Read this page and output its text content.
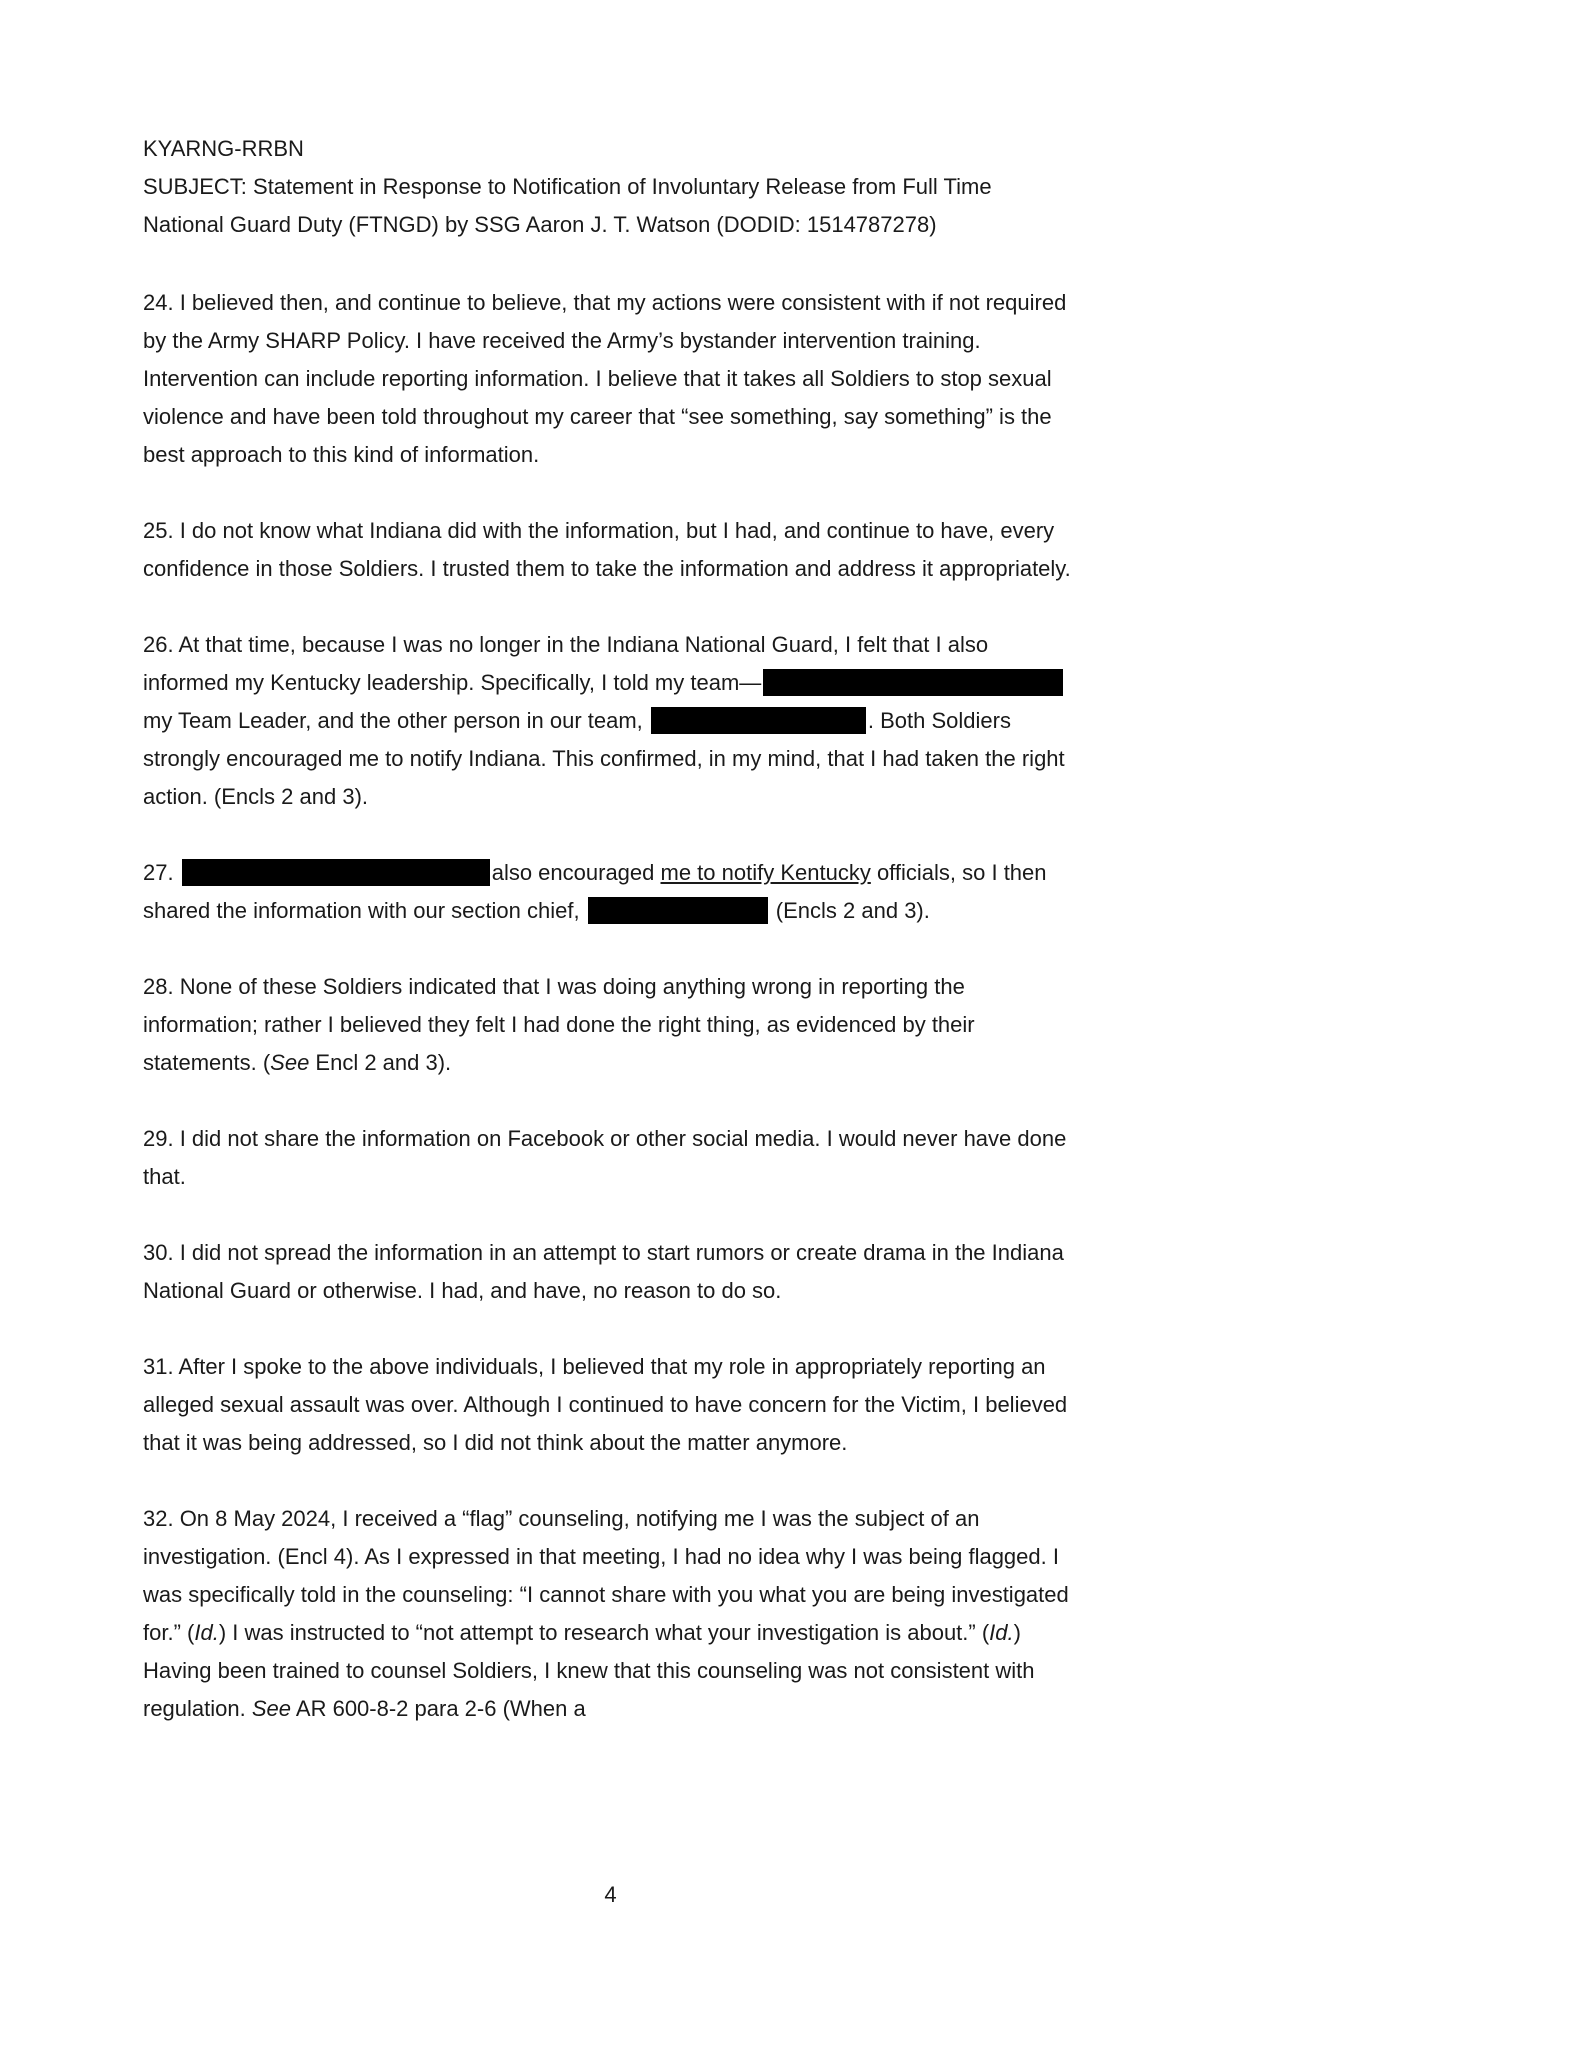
KYARNG-RRBN
SUBJECT: Statement in Response to Notification of Involuntary Release from Full Time
National Guard Duty (FTNGD) by SSG Aaron J. T. Watson (DODID: 1514787278)

24. I believed then, and continue to believe, that my actions were consistent with if not required by the Army SHARP Policy. I have received the Army’s bystander intervention training. Intervention can include reporting information. I believe that it takes all Soldiers to stop sexual violence and have been told throughout my career that “see something, say something” is the best approach to this kind of information.

25. I do not know what Indiana did with the information, but I had, and continue to have, every confidence in those Soldiers. I trusted them to take the information and address it appropriately.

26. At that time, because I was no longer in the Indiana National Guard, I felt that I also informed my Kentucky leadership. Specifically, I told my team— my Team Leader, and the other person in our team,	. Both Soldiers strongly encouraged me to notify Indiana. This confirmed, in my mind, that I had taken the right action. (Encls 2 and 3).

27.	also encouraged me to notify Kentucky officials, so I then shared the information with our section chief,	(Encls 2 and 3).

28. None of these Soldiers indicated that I was doing anything wrong in reporting the information; rather I believed they felt I had done the right thing, as evidenced by their statements. (See Encl 2 and 3).

29. I did not share the information on Facebook or other social media. I would never have done that.

30. I did not spread the information in an attempt to start rumors or create drama in the Indiana National Guard or otherwise. I had, and have, no reason to do so.

31. After I spoke to the above individuals, I believed that my role in appropriately reporting an alleged sexual assault was over. Although I continued to have concern for the Victim, I believed that it was being addressed, so I did not think about the matter anymore.

32. On 8 May 2024, I received a “flag” counseling, notifying me I was the subject of an investigation. (Encl 4). As I expressed in that meeting, I had no idea why I was being flagged. I was specifically told in the counseling: “I cannot share with you what you are being investigated for.” (Id.) I was instructed to “not attempt to research what your investigation is about.” (Id.) Having been trained to counsel Soldiers, I knew that this counseling was not consistent with regulation. See AR 600-8-2 para 2-6 (When a

4
